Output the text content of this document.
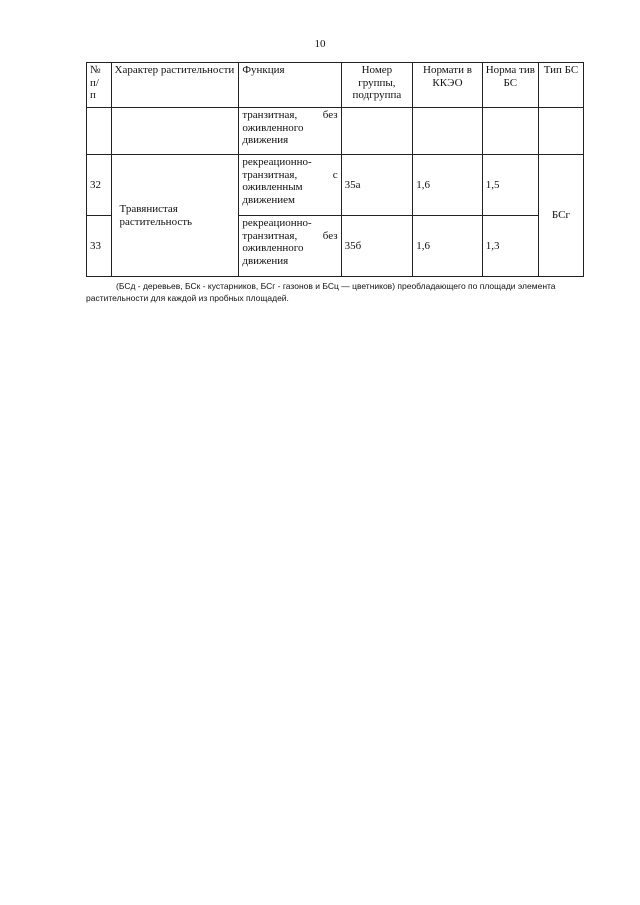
10
№ п/ п	Характер растительности	Функция	Номер группы, подгруппа	Нормати в ККЭО	Норма тив БС	Тип БС
		транзитная, без оживленного движения				
32	Травянистая растительность	рекреационно-транзитная, с оживленным движением	35а	1,6	1,5	БСг
33		рекреационно-транзитная, без оживленного движения	35б	1,6	1,3	
(БСд - деревьев, БСк - кустарников, БСг - газонов и БСц — цветников) преобладающего по площади элемента растительности для каждой из пробных площадей.
